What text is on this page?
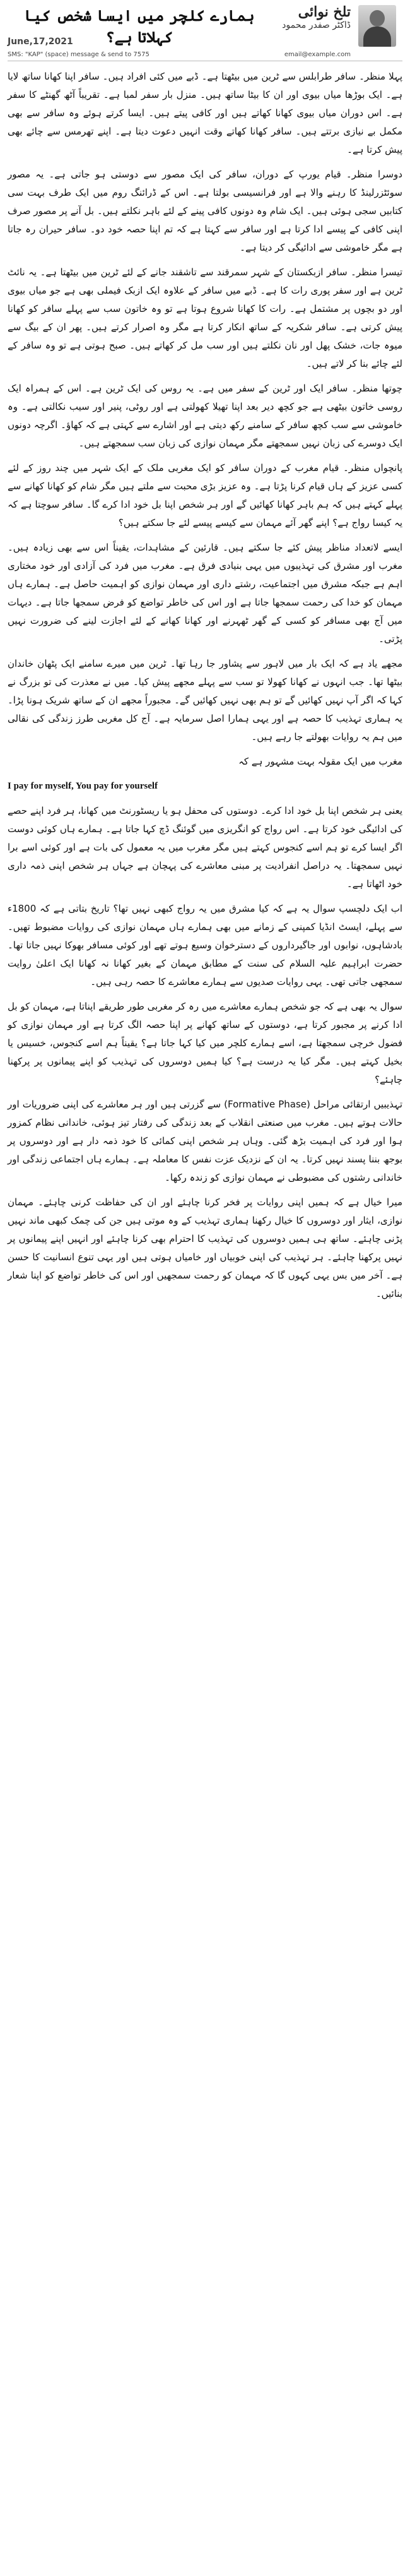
تلخ نوائی
ڈاکٹر صفدر محمود
ہمارے کلچر میں ایسا شخص کیا کہلاتا ہے؟
June,17,2021
SMS: "KAP" (space) message & send to 7575	email@example.com

پہلا منظر۔ سافر طرابلس سے ٹرین میں بیٹھتا ہے۔ ڈبے میں کئی افراد ہیں۔ سافر اپنا کھانا ساتھ لایا ہے۔ ایک بوڑھا میاں بیوی اور ان کا بیٹا ساتھ ہیں۔ منزل بار سفر لمبا ہے۔ تقریباً آٹھ گھنٹے کا سفر ہے۔ اس دوران میاں بیوی کھانا کھاتے ہیں اور کافی پیتے ہیں۔ ایسا کرتے ہوئے وہ سافر سے بھی مکمل بے نیازی برتتے ہیں۔ سافر کھانا کھاتے وقت انہیں دعوت دیتا ہے۔ اپنے تھرمس سے چائے بھی پیش کرتا ہے۔

دوسرا منظر۔ قیام یورپ کے دوران، سافر کی ایک مصور سے دوستی ہو جاتی ہے۔ یہ مصور سوئٹزرلینڈ کا رہنے والا ہے اور فرانسیسی بولتا ہے۔ اس کے ڈرائنگ روم میں ایک طرف بہت سی کتابیں سجی ہوئی ہیں۔ ایک شام وہ دونوں کافی پینے کے لئے باہر نکلتے ہیں۔ بل آنے پر مصور صرف اپنی کافی کے پیسے ادا کرتا ہے اور سافر سے کہتا ہے کہ تم اپنا حصہ خود دو۔ سافر حیران رہ جاتا ہے مگر خاموشی سے ادائیگی کر دیتا ہے۔

تیسرا منظر۔ سافر ازبکستان کے شہر سمرقند سے تاشقند جانے کے لئے ٹرین میں بیٹھتا ہے۔ یہ نائٹ ٹرین ہے اور سفر پوری رات کا ہے۔ ڈبے میں سافر کے علاوہ ایک ازبک فیملی بھی ہے جو میاں بیوی اور دو بچوں پر مشتمل ہے۔ رات کا کھانا شروع ہوتا ہے تو وہ خاتون سب سے پہلے سافر کو کھانا پیش کرتی ہے۔ سافر شکریہ کے ساتھ انکار کرتا ہے مگر وہ اصرار کرتے ہیں۔ پھر ان کے بیگ سے میوہ جات، خشک پھل اور نان نکلتے ہیں اور سب مل کر کھاتے ہیں۔ صبح ہوتی ہے تو وہ سافر کے لئے چائے بنا کر لاتے ہیں۔

چوتھا منظر۔ سافر ایک اور ٹرین کے سفر میں ہے۔ یہ روس کی ایک ٹرین ہے۔ اس کے ہمراہ ایک روسی خاتون بیٹھی ہے جو کچھ دیر بعد اپنا تھیلا کھولتی ہے اور روٹی، پنیر اور سیب نکالتی ہے۔ وہ خاموشی سے سب کچھ سافر کے سامنے رکھ دیتی ہے اور اشارے سے کہتی ہے کہ کھاؤ۔ اگرچہ دونوں ایک دوسرے کی زبان نہیں سمجھتے مگر مہمان نوازی کی زبان سب سمجھتے ہیں۔

پانچواں منظر۔ قیام مغرب کے دوران سافر کو ایک مغربی ملک کے ایک شہر میں چند روز کے لئے کسی عزیز کے ہاں قیام کرنا پڑتا ہے۔ وہ عزیز بڑی محبت سے ملتے ہیں مگر شام کو کھانا کھانے سے پہلے کہتے ہیں کہ ہم باہر کھانا کھائیں گے اور ہر شخص اپنا بل خود ادا کرے گا۔ سافر سوچتا ہے کہ یہ کیسا رواج ہے؟ اپنے گھر آئے مہمان سے کیسے پیسے لئے جا سکتے ہیں؟

ایسے لاتعداد مناظر پیش کئے جا سکتے ہیں۔ قارئین کے مشاہدات، یقیناً اس سے بھی زیادہ ہیں۔ مغرب اور مشرق کی تہذیبوں میں یہی بنیادی فرق ہے۔ مغرب میں فرد کی آزادی اور خود مختاری اہم ہے جبکہ مشرق میں اجتماعیت، رشتے داری اور مہمان نوازی کو اہمیت حاصل ہے۔ ہمارے ہاں مہمان کو خدا کی رحمت سمجھا جاتا ہے اور اس کی خاطر تواضع کو فرض سمجھا جاتا ہے۔ دیہات میں آج بھی مسافر کو کسی کے گھر ٹھہرنے اور کھانا کھانے کے لئے اجازت لینے کی ضرورت نہیں پڑتی۔

مجھے یاد ہے کہ ایک بار میں لاہور سے پشاور جا رہا تھا۔ ٹرین میں میرے سامنے ایک پٹھان خاندان بیٹھا تھا۔ جب انہوں نے کھانا کھولا تو سب سے پہلے مجھے پیش کیا۔ میں نے معذرت کی تو بزرگ نے کہا کہ اگر آپ نہیں کھائیں گے تو ہم بھی نہیں کھائیں گے۔ مجبوراً مجھے ان کے ساتھ شریک ہونا پڑا۔ یہ ہماری تہذیب کا حصہ ہے اور یہی ہمارا اصل سرمایہ ہے۔ آج کل مغربی طرز زندگی کی نقالی میں ہم یہ روایات بھولتے جا رہے ہیں۔

مغرب میں ایک مقولہ بہت مشہور ہے کہ

I pay for myself, You pay for yourself

یعنی ہر شخص اپنا بل خود ادا کرے۔ دوستوں کی محفل ہو یا ریسٹورنٹ میں کھانا، ہر فرد اپنے حصے کی ادائیگی خود کرتا ہے۔ اس رواج کو انگریزی میں گوئنگ ڈچ کہا جاتا ہے۔ ہمارے ہاں کوئی دوست اگر ایسا کرے تو ہم اسے کنجوس کہتے ہیں مگر مغرب میں یہ معمول کی بات ہے اور کوئی اسے برا نہیں سمجھتا۔ یہ دراصل انفرادیت پر مبنی معاشرے کی پہچان ہے جہاں ہر شخص اپنی ذمہ داری خود اٹھاتا ہے۔

اب ایک دلچسپ سوال یہ ہے کہ کیا مشرق میں یہ رواج کبھی نہیں تھا؟ تاریخ بتاتی ہے کہ 1800ء سے پہلے، ایسٹ انڈیا کمپنی کے زمانے میں بھی ہمارے ہاں مہمان نوازی کی روایات مضبوط تھیں۔ بادشاہوں، نوابوں اور جاگیرداروں کے دسترخوان وسیع ہوتے تھے اور کوئی مسافر بھوکا نہیں جاتا تھا۔ حضرت ابراہیم علیہ السلام کی سنت کے مطابق مہمان کے بغیر کھانا نہ کھانا ایک اعلیٰ روایت سمجھی جاتی تھی۔ یہی روایات صدیوں سے ہمارے معاشرے کا حصہ رہی ہیں۔

سوال یہ بھی ہے کہ جو شخص ہمارے معاشرے میں رہ کر مغربی طور طریقے اپناتا ہے، مہمان کو بل ادا کرنے پر مجبور کرتا ہے، دوستوں کے ساتھ کھانے پر اپنا حصہ الگ کرتا ہے اور مہمان نوازی کو فضول خرچی سمجھتا ہے، اسے ہمارے کلچر میں کیا کہا جاتا ہے؟ یقیناً ہم اسے کنجوس، خسیس یا بخیل کہتے ہیں۔ مگر کیا یہ درست ہے؟ کیا ہمیں دوسروں کی تہذیب کو اپنے پیمانوں پر پرکھنا چاہئے؟

تہذیبیں ارتقائی مراحل (Formative Phase) سے گزرتی ہیں اور ہر معاشرے کی اپنی ضروریات اور حالات ہوتے ہیں۔ مغرب میں صنعتی انقلاب کے بعد زندگی کی رفتار تیز ہوئی، خاندانی نظام کمزور ہوا اور فرد کی اہمیت بڑھ گئی۔ وہاں ہر شخص اپنی کمائی کا خود ذمہ دار ہے اور دوسروں پر بوجھ بننا پسند نہیں کرتا۔ یہ ان کے نزدیک عزت نفس کا معاملہ ہے۔ ہمارے ہاں اجتماعی زندگی اور خاندانی رشتوں کی مضبوطی نے مہمان نوازی کو زندہ رکھا۔

میرا خیال ہے کہ ہمیں اپنی روایات پر فخر کرنا چاہئے اور ان کی حفاظت کرنی چاہئے۔ مہمان نوازی، ایثار اور دوسروں کا خیال رکھنا ہماری تہذیب کے وہ موتی ہیں جن کی چمک کبھی ماند نہیں پڑنی چاہئے۔ ساتھ ہی ہمیں دوسروں کی تہذیب کا احترام بھی کرنا چاہئے اور انہیں اپنے پیمانوں پر نہیں پرکھنا چاہئے۔ ہر تہذیب کی اپنی خوبیاں اور خامیاں ہوتی ہیں اور یہی تنوع انسانیت کا حسن ہے۔ آخر میں بس یہی کہوں گا کہ مہمان کو رحمت سمجھیں اور اس کی خاطر تواضع کو اپنا شعار بنائیں۔
